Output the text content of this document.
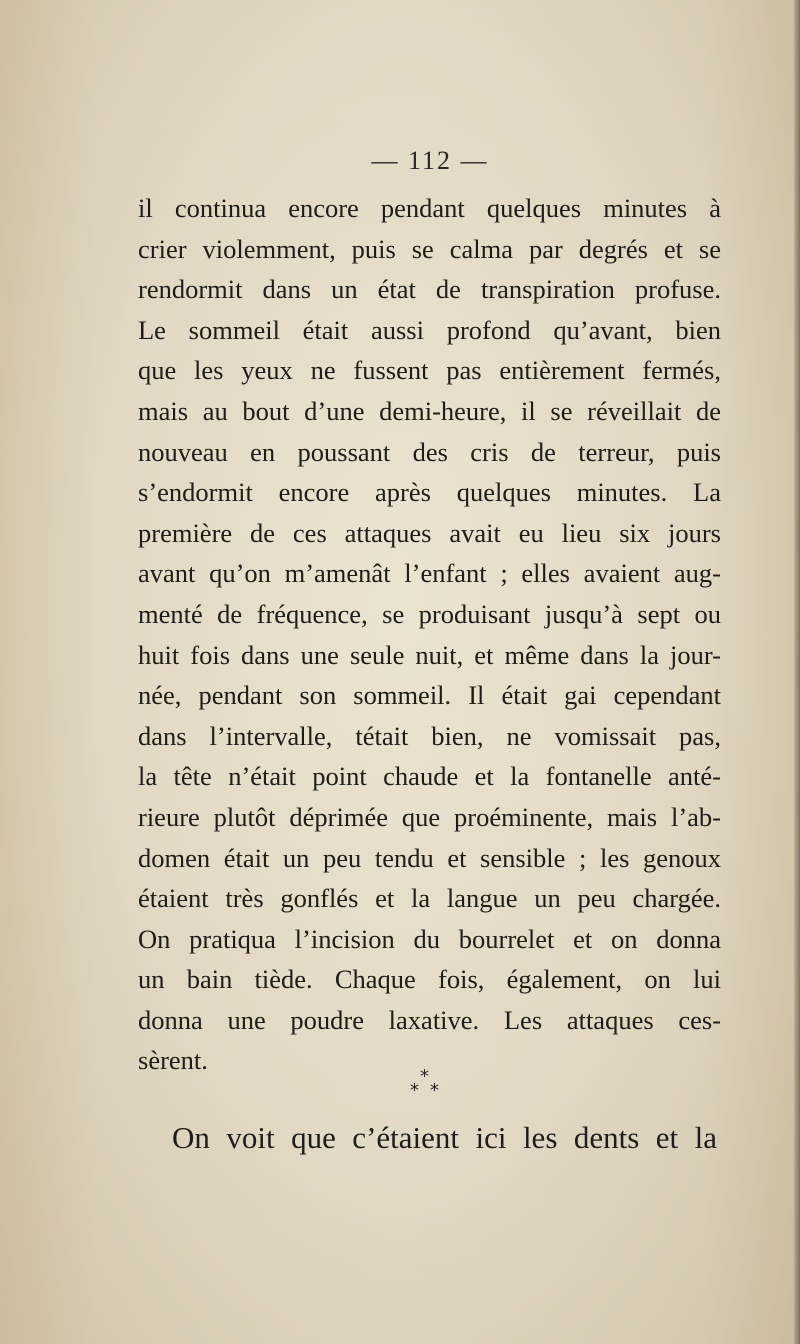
— 112 —

il continua encore pendant quelques minutes à
crier violemment, puis se calma par degrés et se
rendormit dans un état de transpiration profuse.
Le sommeil était aussi profond qu’avant, bien
que les yeux ne fussent pas entièrement fermés,
mais au bout d’une demi-heure, il se réveillait de
nouveau en poussant des cris de terreur, puis
s’endormit encore après quelques minutes. La
première de ces attaques avait eu lieu six jours
avant qu’on m’amenât l’enfant ; elles avaient aug-
menté de fréquence, se produisant jusqu’à sept ou
huit fois dans une seule nuit, et même dans la jour-
née, pendant son sommeil. Il était gai cependant
dans l’intervalle, tétait bien, ne vomissait pas,
la tête n’était point chaude et la fontanelle anté-
rieure plutôt déprimée que proéminente, mais l’ab-
domen était un peu tendu et sensible ; les genoux
étaient très gonflés et la langue un peu chargée.
On pratiqua l’incision du bourrelet et on donna
un bain tiède. Chaque fois, également, on lui
donna une poudre laxative. Les attaques ces-
sèrent.

*
* *

On voit que c’étaient ici les dents et la
